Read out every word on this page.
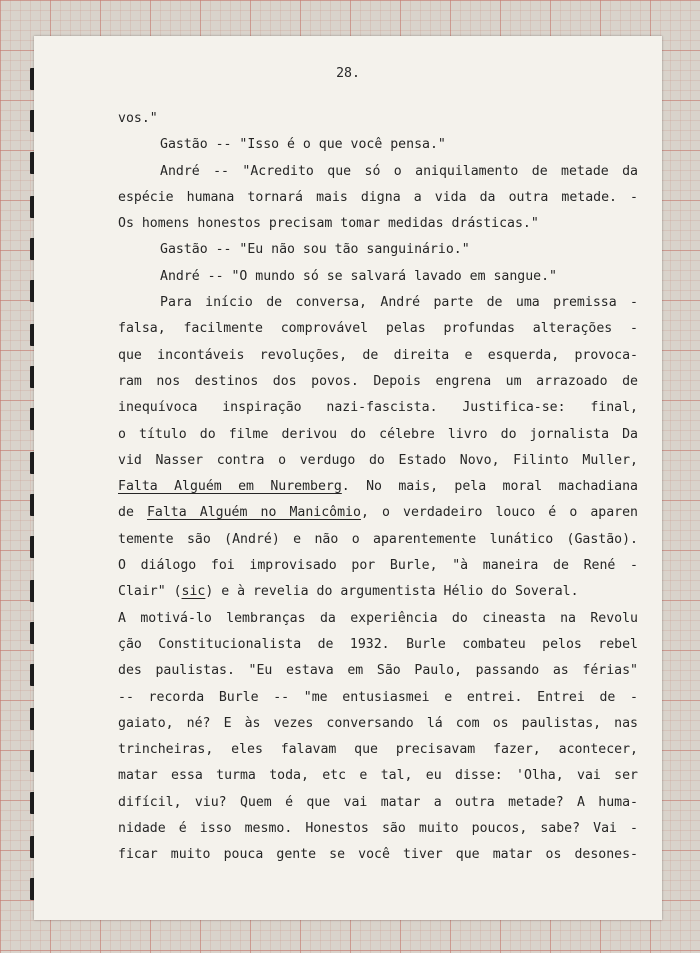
28.
vos."
Gastão -- "Isso é o que você pensa."
André -- "Acredito que só o aniquilamento de metade da
espécie humana tornará mais digna a vida da outra metade. -
Os homens honestos precisam tomar medidas drásticas."
Gastão -- "Eu não sou tão sanguinário."
André -- "O mundo só se salvará lavado em sangue."
Para início de conversa, André parte de uma premissa -
falsa, facilmente comprovável pelas profundas alterações -
que incontáveis revoluções, de direita e esquerda, provoca-
ram nos destinos dos povos. Depois engrena um arrazoado de
inequívoca inspiração nazi-fascista. Justifica-se: final,
o título do filme derivou do célebre livro do jornalista Da
vid Nasser contra o verdugo do Estado Novo, Filinto Muller,
Falta Alguém em Nuremberg. No mais, pela moral machadiana
de Falta Alguém no Manicômio, o verdadeiro louco é o aparen
temente são (André) e não o aparentemente lunático (Gastão).
O diálogo foi improvisado por Burle, "à maneira de René -
Clair" (sic) e à revelia do argumentista Hélio do Soveral.
A motivá-lo lembranças da experiência do cineasta na Revolu
ção Constitucionalista de 1932. Burle combateu pelos rebel
des paulistas. "Eu estava em São Paulo, passando as férias"
-- recorda Burle -- "me entusiasmei e entrei. Entrei de -
gaiato, né? E às vezes conversando lá com os paulistas, nas
trincheiras, eles falavam que precisavam fazer, acontecer,
matar essa turma toda, etc e tal, eu disse: 'Olha, vai ser
difícil, viu? Quem é que vai matar a outra metade? A huma-
nidade é isso mesmo. Honestos são muito poucos, sabe? Vai -
ficar muito pouca gente se você tiver que matar os desones-
